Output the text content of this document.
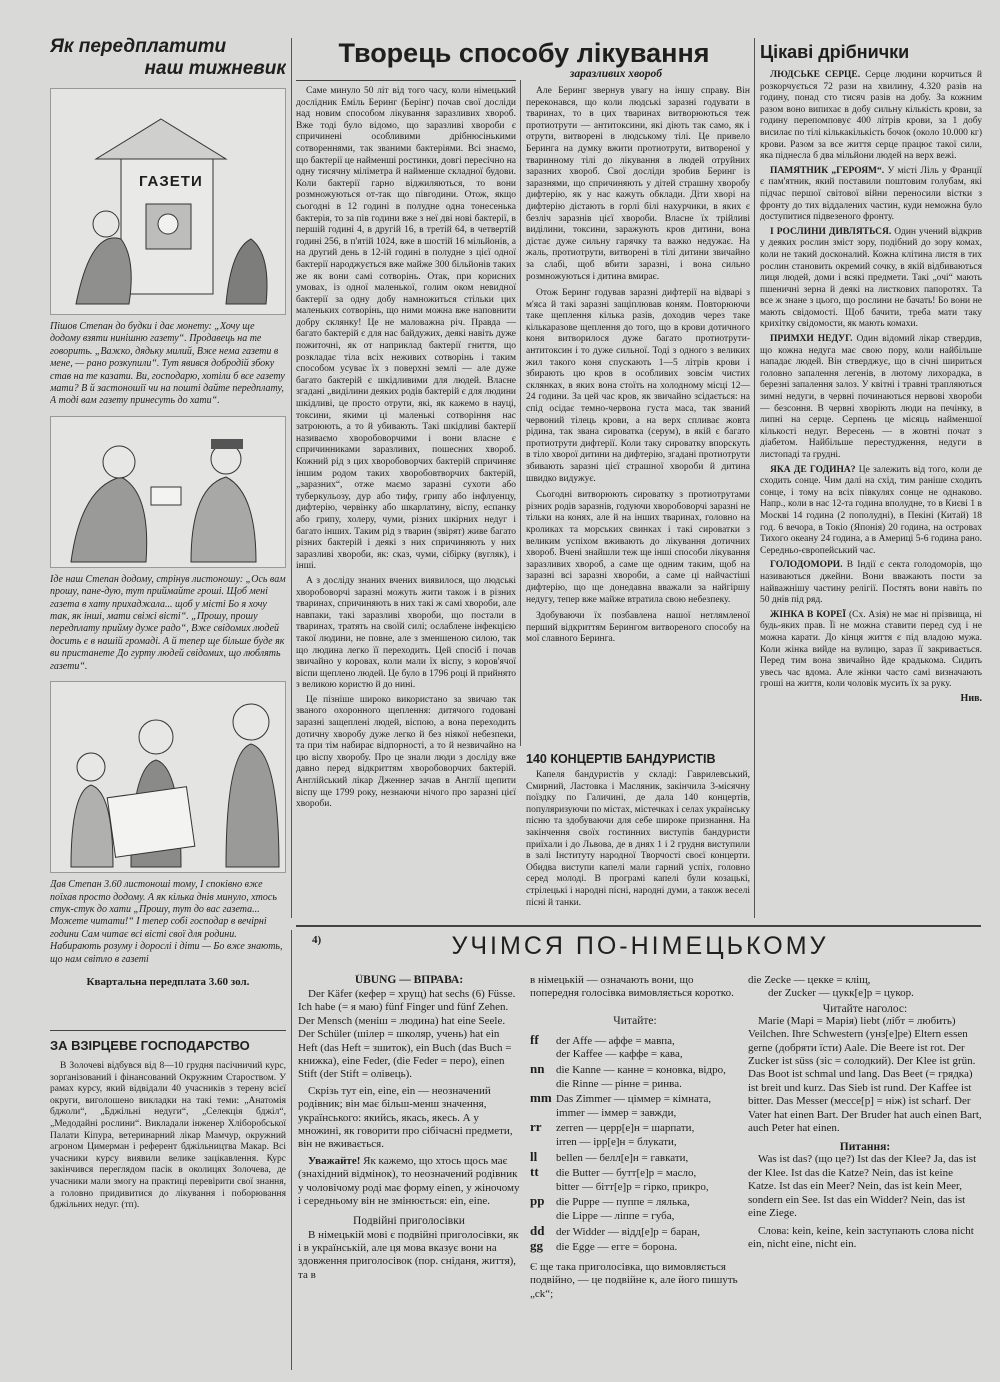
Як передплатити
наш тижневик
ГАЗЕТИ

Пішов Степан до будки і дає монету: „Хочу ще додому взяти нинішню газету“. Продавець на те говорить. „Важко, дядьку милий, Вже нема газети в мене, — рано розкупили“. Тут явився добродій збоку став на те казати. Ви, господарю, хотіли б все газету мати? В й застоношії чи на пошті дайте передплату, А тоді вам газету принесуть до хати“.

Іде наш Степан додому, стрінув листоношу: „Ось вам прошу, пане-дую, тут приймайте гроші. Щоб мені газета в хату прихаджала... щоб у місті Бо я хочу так, як інші, мати свіжі вісті“. „Прошу, прошу передплату прийму дуже радо“, Вже свідомих людей досить є в нашій громаді. А й тепер ще більше буде як ви пристанете До гурту людей свідомих, що люблять газети“.

Дав Степан 3.60 листоноші тому, І споківно вже поїхав просто додому. А як кілька днів минуло, хтось стук-стук до хати „Прошу, тут до вас газета... Можете читати!“ І тепер собі господар в вечірні години Сам читає всі вісті свої для родини. Набирають розуму і дорослі і діти — Бо вже знають, що нам світло в газеті

Квартальна передплата 3.60 зол.
ЗА ВЗІРЦЕВЕ ГОСПОДАРСТВО

В Золочеві відбувся від 8—10 грудня пасічничий курс, зорганізований і фінансований Окружним Староством. У рамах курсу, який відвідали 40 учасників з терену всієї округи, виголошено викладки на такі теми: „Анатомія бджоли“, „Бджільні недуги“, „Селекція бджіл“, „Медодайні рослини“. Викладали інженер Хліборобської Палати Кіпура, ветеринарний лікар Мамчур, окружний агроном Цимерман і референт бджільництва Макар. Всі учасники курсу виявили велике зацікавлення. Курс закінчився переглядом пасік в околицях Золочева, де учасники мали змогу на практиці перевірити свої знання, а головно придивитися до лікування і поборювання бджільних недуг. (тп).

Творець способу лікування
заразливих хвороб

Саме минуло 50 літ від того часу, коли німецький дослідник Еміль Беринг (Берінг) почав свої досліди над новим способом лікування заразливих хвороб. Вже тоді було відомо, що заразливі хвороби є спричинені особливими дрібнюсінькими сотвореннями, так званими бактеріями. Всі знаємо, що бактерії це найменші ростинки, довгі пересічно на одну тисячну міліметра й найменше складної будови. Коли бактерії гарно віджиляються, то вони розмножуються от-так що півгодини. Отож, якщо сьогодні в 12 годині в полудне одна тонесенька бактерія, то за пів години вже з неї дві нові бактерії, в першій годині 4, в другій 16, в третій 64, в четвертій годині 256, в п'ятій 1024, вже в шостій 16 мільйонів, а на другий день в 12-ій годині в полудне з цієї одної бактерії народжується вже майже 300 більйонів таких же як вони самі сотворінь. Отак, при корисних умовах, із одної маленької, голим оком невидної бактерії за одну добу намножиться стільки цих маленьких сотворінь, що ними можна вже наповнити добру склянку! Це не маловажна річ. Правда — багато бактерій є для нас байдужих, деякі навіть дуже пожиточні, як от наприклад бактерії гниття, що розкладає тіла всіх неживих сотворінь і таким способом усуває їх з поверхні землі — але дуже багато бактерій є шкідливими для людей. Власне згадані „виділини деяких родів бактерій є для людини шкідливі, це просто отрути, які, як кажемо в науці, токсини, якими ці маленькі сотворіння нас затроюють, а то й убивають. Такі шкідливі бактерії називаємо хворобоворчими і вони власне є спричинниками заразливих, пошесних хвороб. Кожний рід з цих хворобоворчих бактерій спричиняє іншим родом таких хворобовтворчих бактерій, „заразних“, отже маємо заразні сухоти або туберкульозу, дур або тифу, грипу або інфлуенцу, дифтерію, червінку або шкарлатину, віспу, еспанку або грипу, холеру, чуми, різних шкірних недуг і багато інших. Таким рід з тварин (звірят) живе багато різних бактерій і деякі з них спричиняють у них заразливі хвороби, як: сказ, чуми, сібірку (вугляк), і інші.

А з досліду знаних вчених виявилося, що людські хворобоворчі заразні можуть жити також і в різних тваринах, спричиняють в них такі ж самі хвороби, але навпаки, такі заразливі хвороби, що постали в тваринах, тратять на своїй силі; ослаблене інфекцією такої людини, не повне, але з зменшеною силою, так що людина легко її переходить. Цей спосіб і почав звичайно у коровах, коли мали їх віспу, з коров'ячої віспи щеплено людей. Це було в 1796 році й прийнято з великою користю й до нині.

Це пізніше широко використано за звичаю так званого охоронного щеплення: дитячого годовані заразні защеплені людей, віспою, а вона переходить дотичну хворобу дуже легко й без ніякої небезпеки, та при тім набирає відпорності, а то й незвичайно на цю віспу хворобу. Про це знали люди з досліду вже давно перед відкриттям хворобоворчих бактерій. Англійський лікар Дженнер зачав в Англії щепити віспу ще 1799 року, незнаючи нічого про заразні цієї хвороби.

Але Беринг звернув увагу на іншу справу. Він переконався, що коли людські заразні годувати в тваринах, то в цих тваринах витворюються теж протиотрути — антитоксини, які діють так само, як і отрути, витворені в людському тілі. Це привело Беринга на думку вжити протиотрути, витвореної у тваринному тілі до лікування в людей отруйних заразних хвороб. Свої досліди зробив Беринг із заразнями, що спричиняють у дітей страшну хворобу дифтерію, як у нас кажуть обклади. Діти хворі на дифтерію дістають в горлі білі нахурчики, в яких є безліч заразнів цієї хвороби. Власне їх трійливі виділини, токсини, заражують кров дитини, вона дістає дуже сильну гарячку та важко недужає. На жаль, протиотрути, витворені в тілі дитини звичайно за слабі, щоб вбити заразні, і вона сильно розмножуються і дитина вмирає.

Отож Беринг годував заразні дифтерії на відварі з м'яса й такі заразні защіплював коням. Повторюючи таке щеплення кілька разів, доходив через таке кількаразове щеплення до того, що в крови дотичного коня витворилося дуже багато протиотрути-антитоксин і то дуже сильної. Тоді з одного з великих жил такого коня спускають 1—5 літрів крови і збирають цю кров в особливих зовсім чистих склянках, в яких вона стоїть на холодному місці 12—24 години. За цей час кров, як звичайно зсідається: на спід осідає темно-червона густа маса, так званий червоний тілець крови, а на верх спливає жовта рідина, так звана сироватка (серум), в якій є багато протиотрути дифтерії. Коли таку сироватку впорскуть в тіло хворої дитини на дифтерію, згадані протиотрути збивають заразні цієї страшної хвороби й дитина швидко видужує.

Сьогодні витворюють сироватку з протиотрутами різних родів заразнів, годуючи хворобоворчі заразні не тільки на конях, але й на інших тваринах, головно на кроликах та морських свинках і такі сироватки з великим успіхом вживають до лікування дотичних хвороб. Вчені знайшли теж ще інші способи лікування заразливих хвороб, а саме ще одним таким, щоб на заразні всі заразні хвороби, а саме ці найчастіші дифтерію, що ще донедавна вважали за найгіршу недугу, тепер вже майже втратила свою небезпеку.

Здобуваючи їх позбавлена нашої нетлямленої перший відкриттям Берингом витвореного способу на мої славного Беринга.

140 КОНЦЕРТІВ БАНДУРИСТІВ

Капеля бандуристів у складі: Гаврилевський, Смирний, Ластовка і Масляник, закінчила 3-місячну поїздку по Галичині, де дала 140 концертів, популяризуючи по містах, містечках і селах українську пісню та здобуваючи для себе широке признання. На закінчення своїх гостинних виступів бандуристи приїхали і до Львова, де в днях 1 і 2 грудня виступили в залі Інституту народної Творчості своєї концерти. Обидва виступи капелі мали гарний успіх, головно серед молоді. В програмі капелі були козацькі, стрілецькі і народні пісні, народні думи, а також веселі пісні й танки.

Цікаві дрібнички

ЛЮДСЬКЕ СЕРЦЕ. Серце людини корчиться й розкорчується 72 рази на хвилину, 4.320 разів на годину, понад сто тисяч разів на добу. За кожним разом воно випихає в добу сильну кількість крови, за годину перепомповує 400 літрів крови, за 1 добу висилає по тілі кількакількість бочок (около 10.000 кг) крови. Разом за все життя серце працює такої сили, яка піднесла б два мільйони людей на верх вежі.

ПАМЯТНИК „ГЕРОЯМ“. У місті Ліль у Франції є пам'ятник, який поставили поштовим голубам, які підчас першої світової війни переносили вістки з фронту до тих віддалених частин, куди неможна було доступитися підвезеного фронту.

І РОСЛИНИ ДИВЛЯТЬСЯ. Один учений відкрив у деяких рослин зміст зору, подібний до зору комах, коли не такий досконалий. Кожна клітина листя в тих рослин становить окремий сочку, в якій відбиваються лиця людей, доми і всякі предмети. Такі „очі“ мають пшеничні зерна й деякі на листкових папоротях. Та все ж знане з цього, що рослини не бачать! Бо вони не мають свідомості. Щоб бачити, треба мати таку крихітку свідомости, як мають комахи.

ПРИМХИ НЕДУГ. Один відомий лікар ствердив, що кожна недуга має свою пору, коли найбільше нападає людей. Він стверджує, що в січні шириться головно запалення легенів, в лютому лихорадка, в березні запалення залоз. У квітні і травні трапляються зимні недуги, в червні починаються нервові хвороби — безсоння. В червні хворіють люди на печінку, в липні на серце. Серпень це місяць найменшої кількості недуг. Вересень — в жовтні почат з діабетом. Найбільше перестудження, недуги в листопаді та грудні.

ЯКА ДЕ ГОДИНА? Це залежить від того, коли де сходить сонце. Чим далі на схід, тим раніше сходить сонце, і тому на всіх півкулях сонце не однаково. Напр., коли в нас 12-та година вполудне, то в Києві 1 в Москві 14 година (2 пополудні), в Пекіні (Китай) 18 год. 6 вечора, в Токіо (Японія) 20 година, на островах Тихого океану 24 година, а в Америці 5-6 година рано. Середньо-європейський час.

ГОЛОДОМОРИ. В Індії є секта голодоморів, що називаються джейни. Вони вважають пости за найважнішу частину релігії. Постять вони навіть по 50 днів під ряд.

ЖІНКА В КОРЕЇ (Сх. Азія) не має ні прізвища, ні будь-яких прав. Її не можна ставити перед суд і не можна карати. До кінця життя є під владою мужа. Коли жінка вийде на вулицю, зараз її закривається. Перед тим вона звичайно йде крадькома. Сидить увесь час вдома. Але жінки часто самі визначають гроші на життя, коли чоловік мусить їх за руку.

Нив.
4)	УЧІМСЯ ПО-НІМЕЦЬКОМУ
ÜBUNG — ВПРАВА:

Der Käfer (кефер = хрущ) hat sechs (6) Füsse. Ich habe (= я маю) fünf Finger und fünf Zehen. Der Mensch (меніш = людина) hat eine Seele. Der Schüler (шілер = школяр, учень) hat ein Heft (das Heft = зшиток), ein Buch (das Buch = книжка), eine Feder, (die Feder = перо), einen Stift (der Stift = олівець).

Скрізь тут ein, eine, ein — неозначений родівник; він має більш-менш значення, українського: якийсь, якась, якесь. А у множині, як говорити про сібічасні предмети, він не вживається.

Уважайте! Як кажемо, що хтось щось має (знахідний відмінок), то неозначений родівник у чоловічому роді має форму einen, у жіночому і середньому він не змінюється: ein, eine.

Подвійні приголосівки

В німецькій мові є подвійні приголосівки, як і в українській, але ця мова вказує вони на здовження приголосівок (пор. сніданя, життя), та в

в німецькій — означають вони, що попередня голосівка вимовляється коротко.

Читайте:
ff der Affe — аффе = мавпа,
der Kaffee — каффе = кава,
nn die Kanne — канне = коновка, відро,
die Rinne — рінне = ринва.
mm Das Zimmer — ціммер = кімната,
immer — іммер = завжди,
rr zerren — церр[е]н = шарпати,
irren — ірр[е]н = блукати,
ll bellen — белл[е]н = гавкати,
tt die Butter — бутт[е]р = масло,
bitter — бітт[е]р = гірко, прикро,
pp die Puppe — пуппе = лялька,
die Lippe — ліппе = губа,
dd der Widder — відд[е]р = баран,
gg die Egge — егге = борона.

Є ще така приголосівка, що вимовляється подвійно, — це подвійне к, але його пишуть „ck“;

die Zecke — цекке = кліщ,
der Zucker — цукк[е]р = цукор.
Читайте наголос:

Marie (Марі = Марія) liebt (лібт = любить) Veilchen. Ihre Schwestern (унз[е]ре) Eltern essen gerne (добряти їсти) Aale. Die Beere ist rot. Der Zucker ist süss (зіс = солодкий). Der Klee ist grün. Das Boot ist schmal und lang. Das Beet (= грядка) ist breit und kurz. Das Sieb ist rund. Der Kaffee ist bitter. Das Messer (мессе[р] = ніж) ist scharf. Der Vater hat einen Bart. Der Bruder hat auch einen Bart, auch Peter hat einen.

Питання:

Was ist das? (що це?) Ist das der Klee? Ja, das ist der Klee. Ist das die Katze? Nein, das ist keine Katze. Ist das ein Meer? Nein, das ist kein Meer, sondern ein See. Ist das ein Widder? Nein, das ist eine Ziege.

Слова: kein, keine, kein заступають слова nicht ein, nicht eine, nicht ein.
